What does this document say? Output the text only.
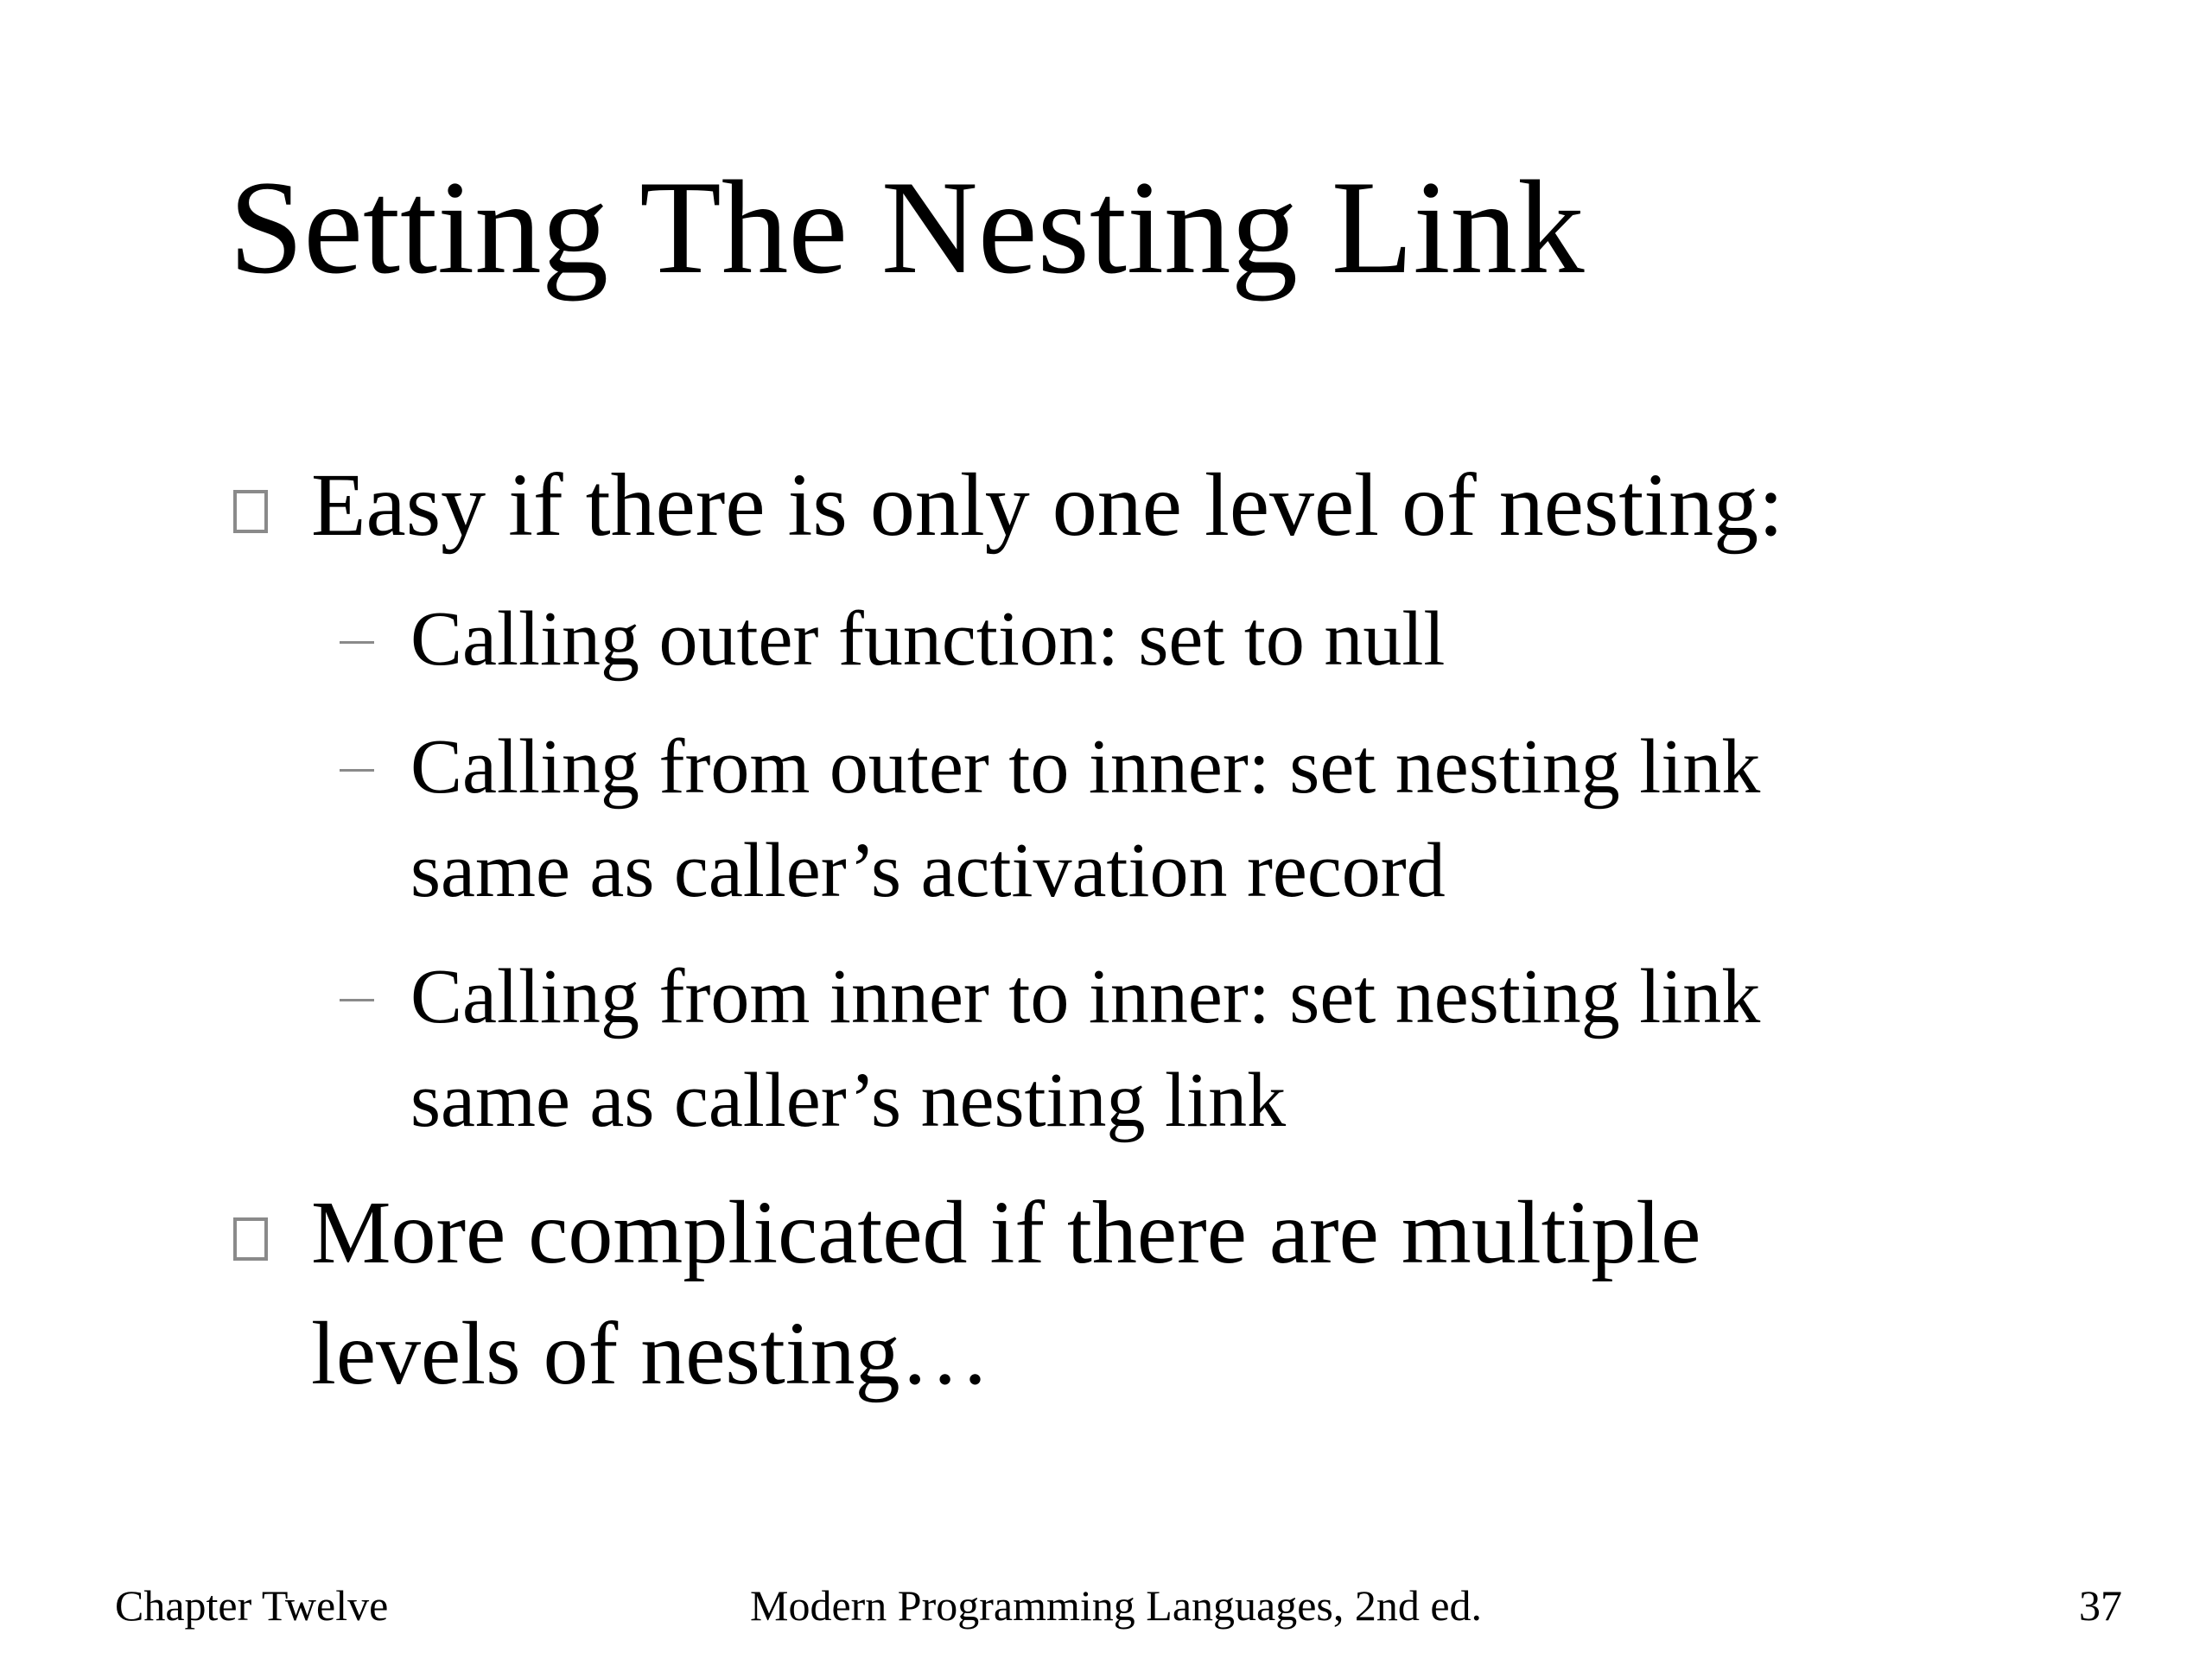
Setting The Nesting Link
Easy if there is only one level of nesting:
Calling outer function: set to null
Calling from outer to inner: set nesting link
same as caller’s activation record
Calling from inner to inner: set nesting link
same as caller’s nesting link
More complicated if there are multiple
levels of nesting…
Chapter Twelve	Modern Programming Languages, 2nd ed.	37
